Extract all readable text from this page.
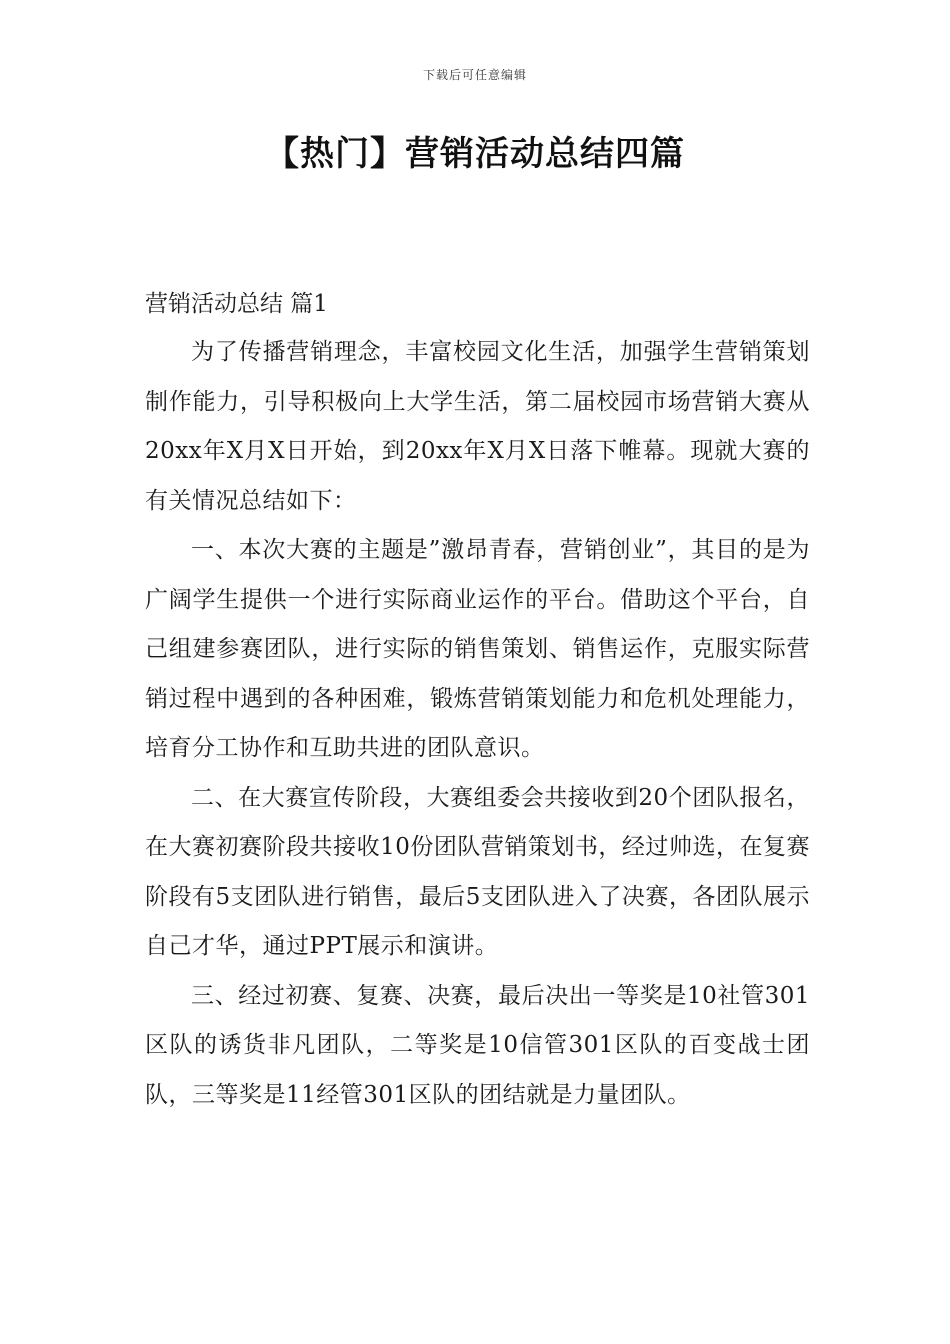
下载后可任意编辑
【热门】营销活动总结四篇

营销活动总结 篇1

为了传播营销理念，丰富校园文化生活，加强学生营销策划制作能力，引导积极向上大学生活，第二届校园市场营销大赛从20xx年X月X日开始，到20xx年X月X日落下帷幕。现就大赛的有关情况总结如下：

一、本次大赛的主题是”激昂青春，营销创业”，其目的是为广阔学生提供一个进行实际商业运作的平台。借助这个平台，自己组建参赛团队，进行实际的销售策划、销售运作，克服实际营销过程中遇到的各种困难，锻炼营销策划能力和危机处理能力，培育分工协作和互助共进的团队意识。

二、在大赛宣传阶段，大赛组委会共接收到20个团队报名，在大赛初赛阶段共接收10份团队营销策划书，经过帅选，在复赛阶段有5支团队进行销售，最后5支团队进入了决赛，各团队展示自己才华，通过PPT展示和演讲。

三、经过初赛、复赛、决赛，最后决出一等奖是10社管301区队的诱货非凡团队，二等奖是10信管301区队的百变战士团队，三等奖是11经管301区队的团结就是力量团队。
